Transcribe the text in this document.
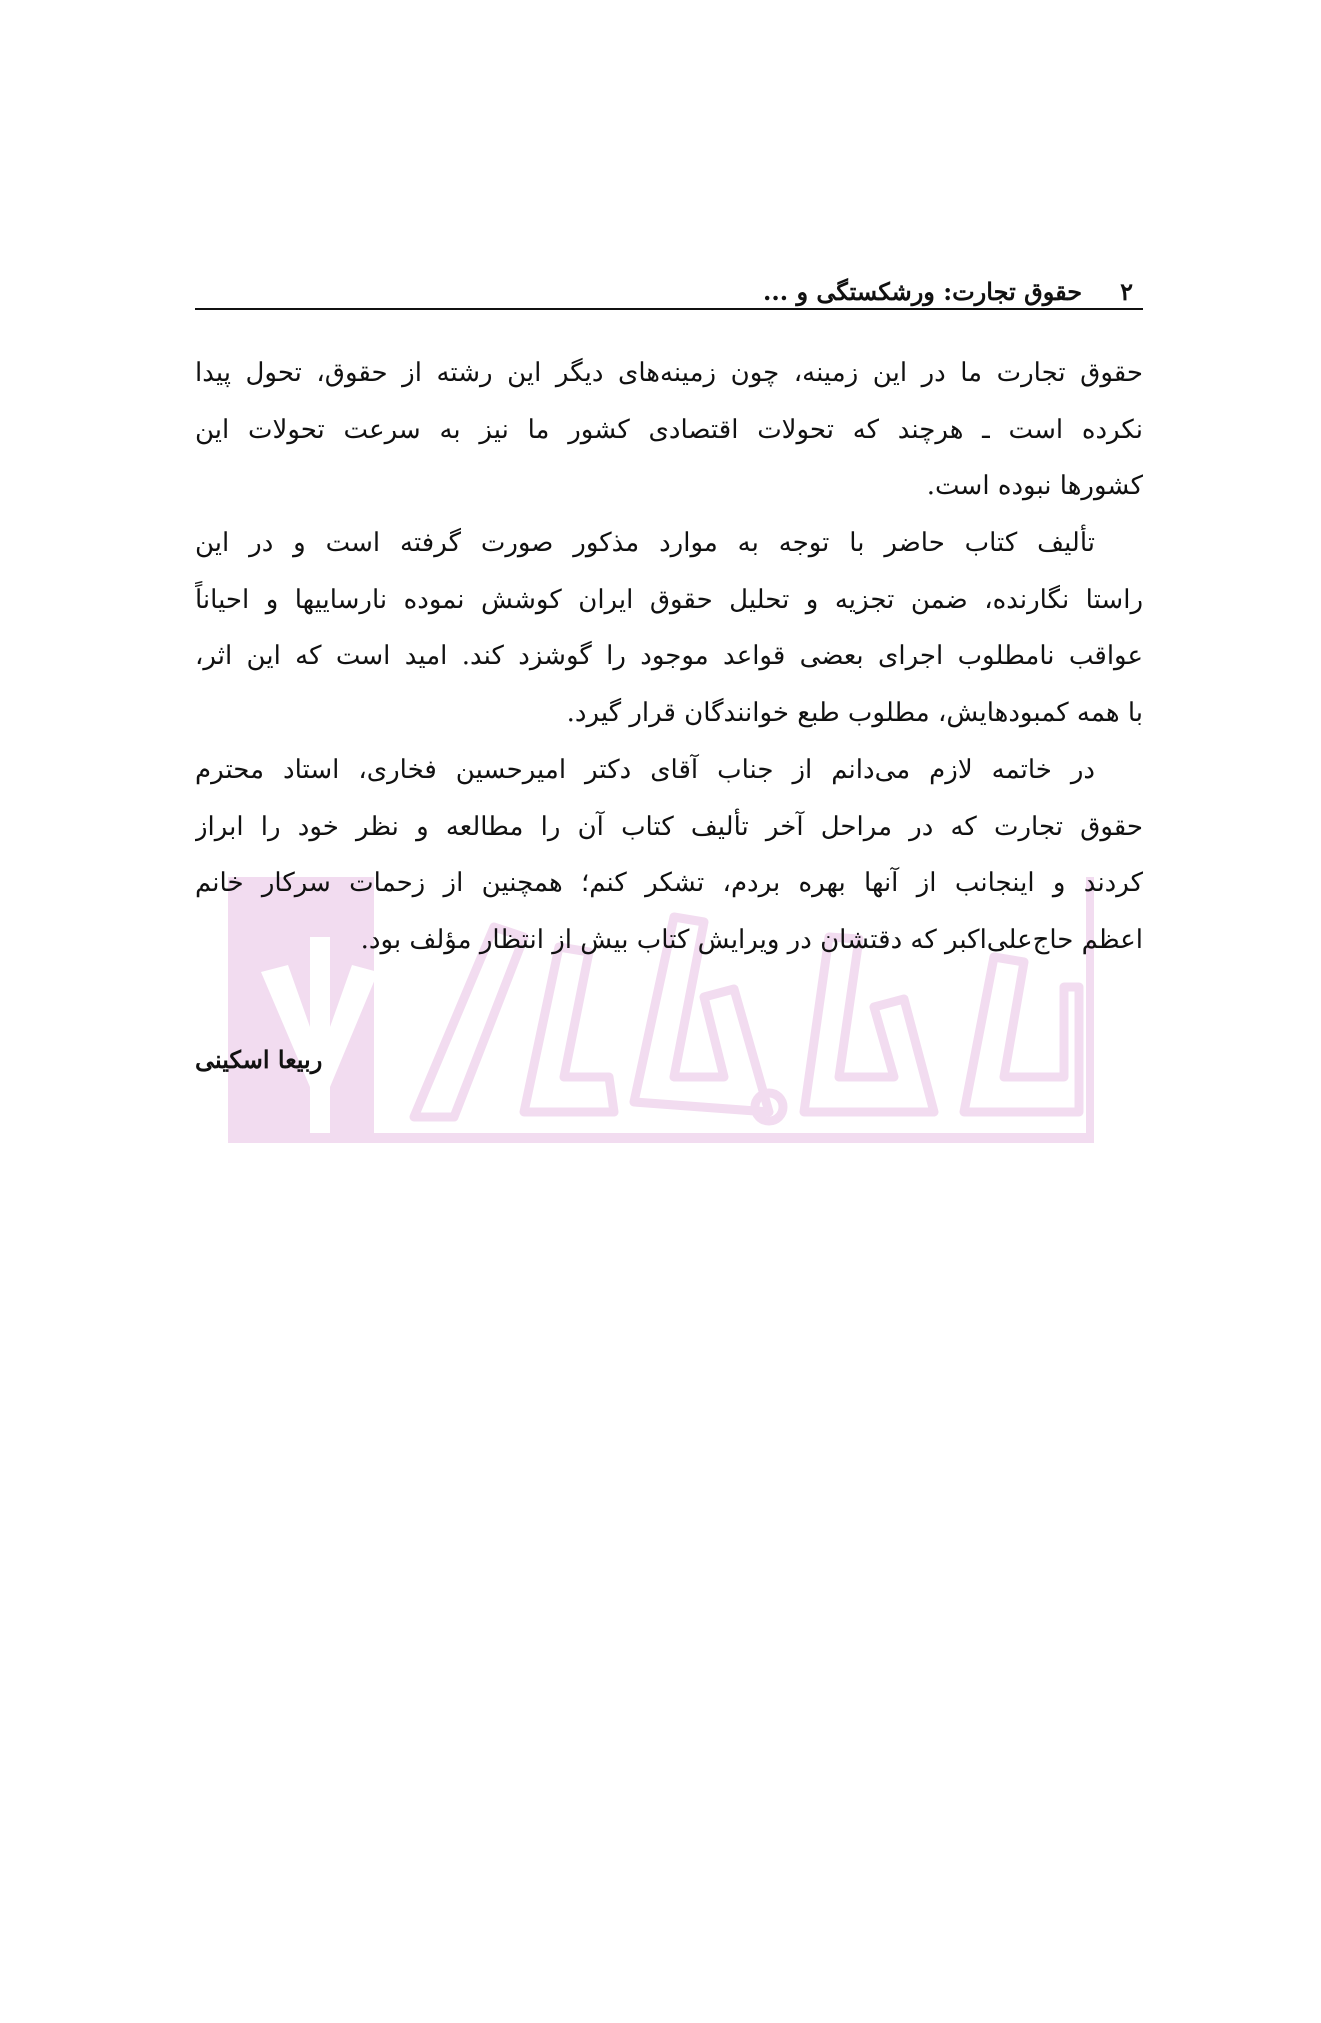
۲
حقوق تجارت: ورشکستگی و ...
حقوق تجارت ما در این زمینه، چون زمینه‌های دیگر این رشته از حقوق، تحول پیدا
نکرده است ـ هرچند که تحولات اقتصادی کشور ما نیز به سرعت تحولات این
کشورها نبوده است.
تألیف کتاب حاضر با توجه به موارد مذکور صورت گرفته است و در این
راستا نگارنده، ضمن تجزیه و تحلیل حقوق ایران کوشش نموده نارساییها و احیاناً
عواقب نامطلوب اجرای بعضی قواعد موجود را گوشزد کند. امید است که این اثر،
با همه کمبودهایش، مطلوب طبع خوانندگان قرار گیرد.
در خاتمه لازم می‌دانم از جناب آقای دکتر امیرحسین فخاری، استاد محترم
حقوق تجارت که در مراحل آخر تألیف کتاب آن را مطالعه و نظر خود را ابراز
کردند و اینجانب از آنها بهره بردم، تشکر کنم؛ همچنین از زحمات سرکار خانم
اعظم حاج‌علی‌اکبر که دقتشان در ویرایش کتاب بیش از انتظار مؤلف بود.
ربیعا اسکینی
